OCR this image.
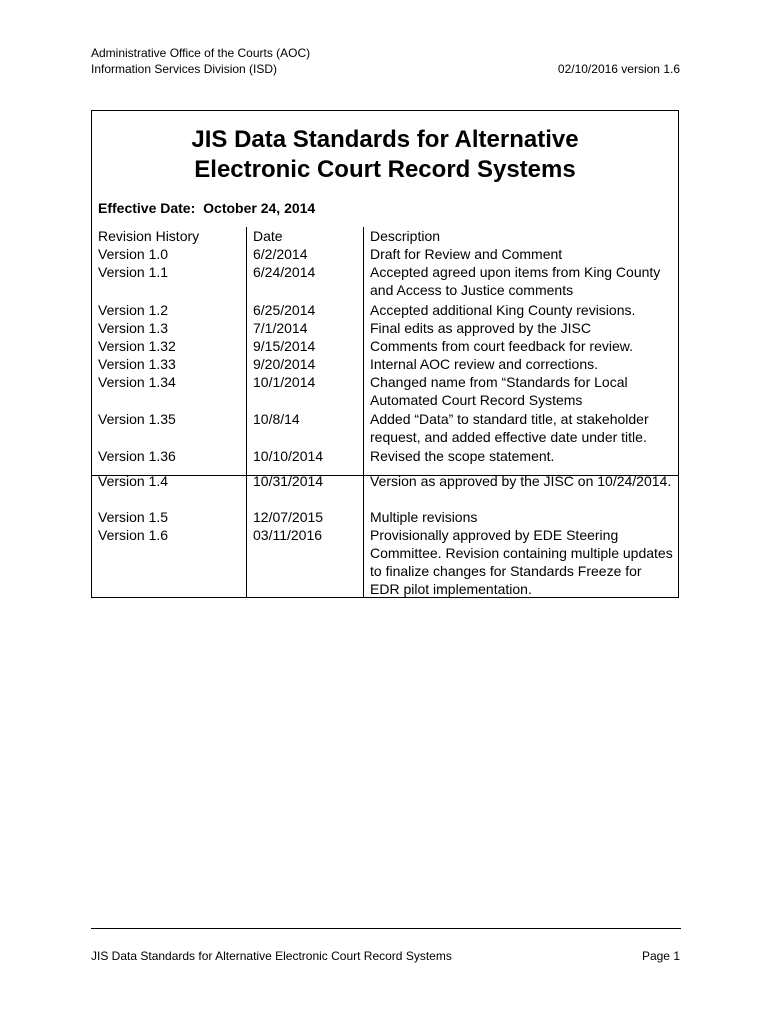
Administrative Office of the Courts (AOC)
Information Services Division (ISD)	02/10/2016 version 1.6
JIS Data Standards for Alternative
Electronic Court Record Systems
Effective Date: October 24, 2014
Revision History
Version 1.0
Version 1.1
Version 1.2
Version 1.3
Version 1.32
Version 1.33
Version 1.34
Version 1.35
Version 1.36
Version 1.4
Version 1.5
Version 1.6
Date
6/2/2014
6/24/2014
6/25/2014
7/1/2014
9/15/2014
9/20/2014
10/1/2014
10/8/14
10/10/2014
10/31/2014
12/07/2015
03/11/2016
Description
Draft for Review and Comment
Accepted agreed upon items from King County and Access to Justice comments
Accepted additional King County revisions.
Final edits as approved by the JISC
Comments from court feedback for review.
Internal AOC review and corrections.
Changed name from “Standards for Local Automated Court Record Systems
Added “Data” to standard title, at stakeholder request, and added effective date under title.
Revised the scope statement.
Version as approved by the JISC on 10/24/2014.
Multiple revisions
Provisionally approved by EDE Steering Committee. Revision containing multiple updates to finalize changes for Standards Freeze for EDR pilot implementation.
JIS Data Standards for Alternative Electronic Court Record Systems	Page 1
